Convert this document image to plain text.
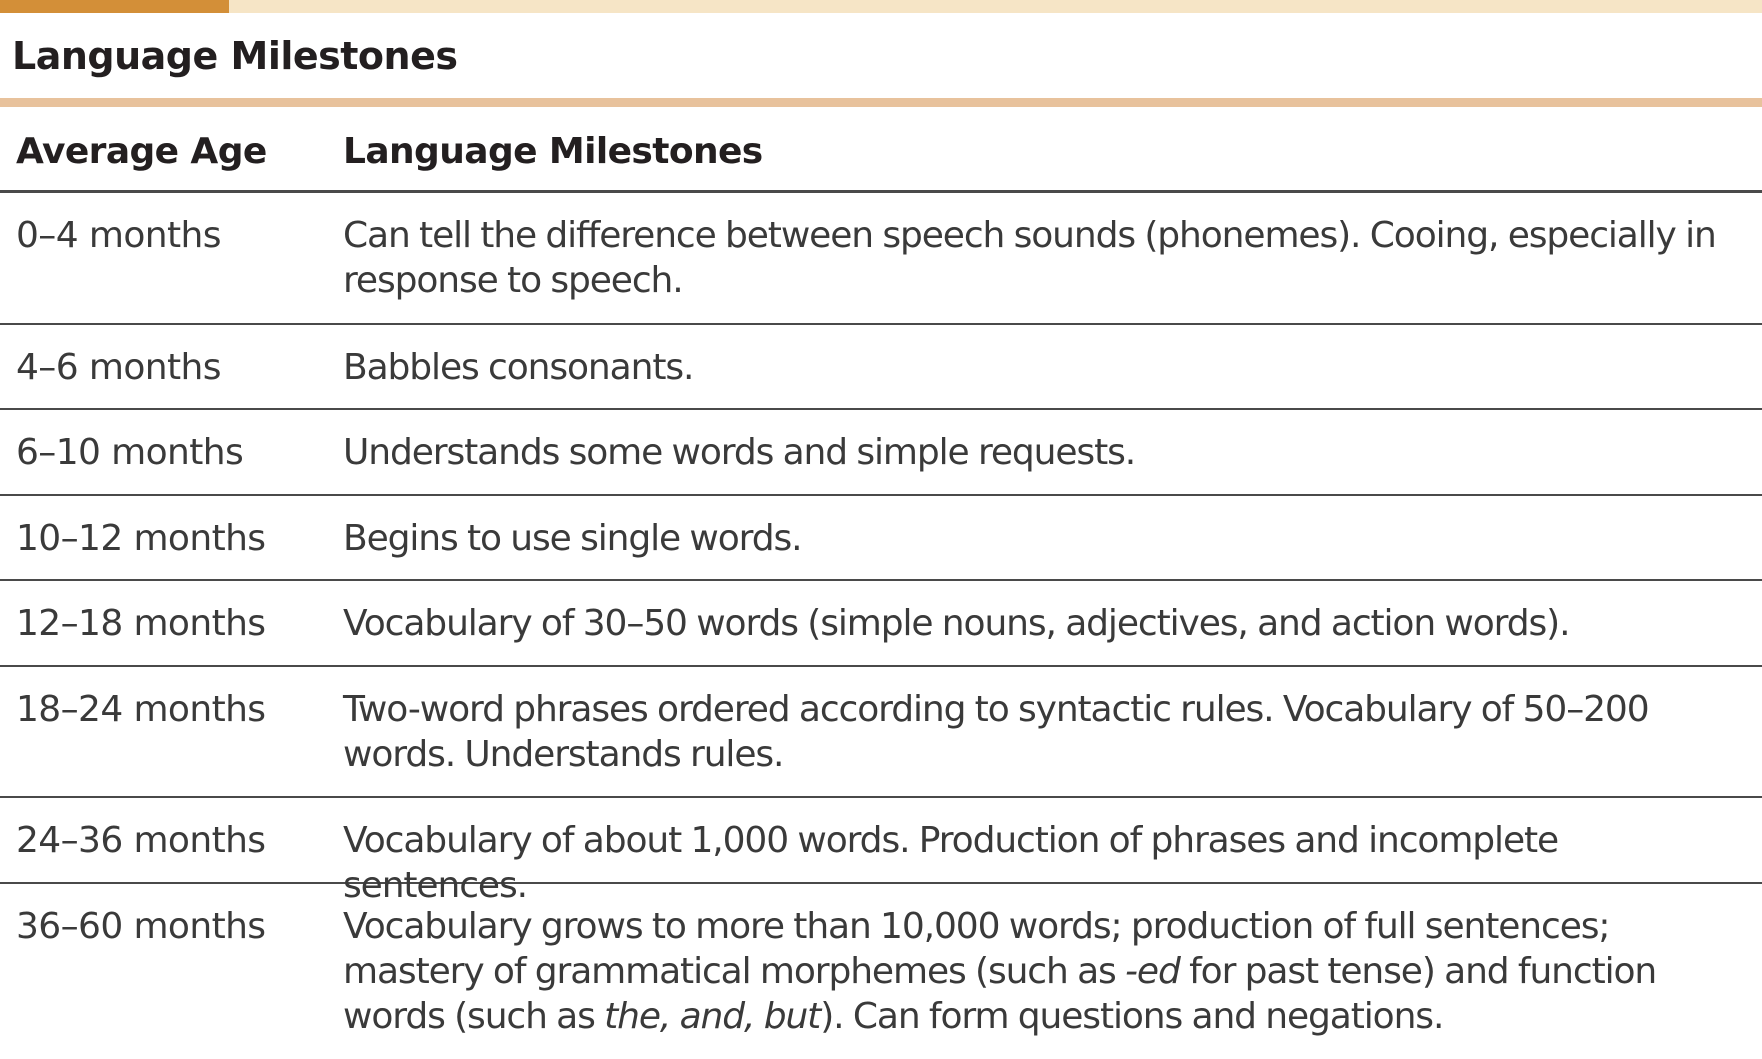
Language Milestones
Average Age Language Milestones
0–4 months	Can tell the difference between speech sounds (phonemes). Cooing, especially in response to speech.
4–6 months	Babbles consonants.
6–10 months	Understands some words and simple requests.
10–12 months Begins to use single words.
12–18 months Vocabulary of 30–50 words (simple nouns, adjectives, and action words).
18–24 months Two-word phrases ordered according to syntactic rules. Vocabulary of 50–200 words. Understands rules.
24–36 months Vocabulary of about 1,000 words. Production of phrases and incomplete sentences.
36–60 months Vocabulary grows to more than 10,000 words; production of full sentences; mastery of grammatical morphemes (such as -ed for past tense) and function words (such as the, and, but). Can form questions and negations.
